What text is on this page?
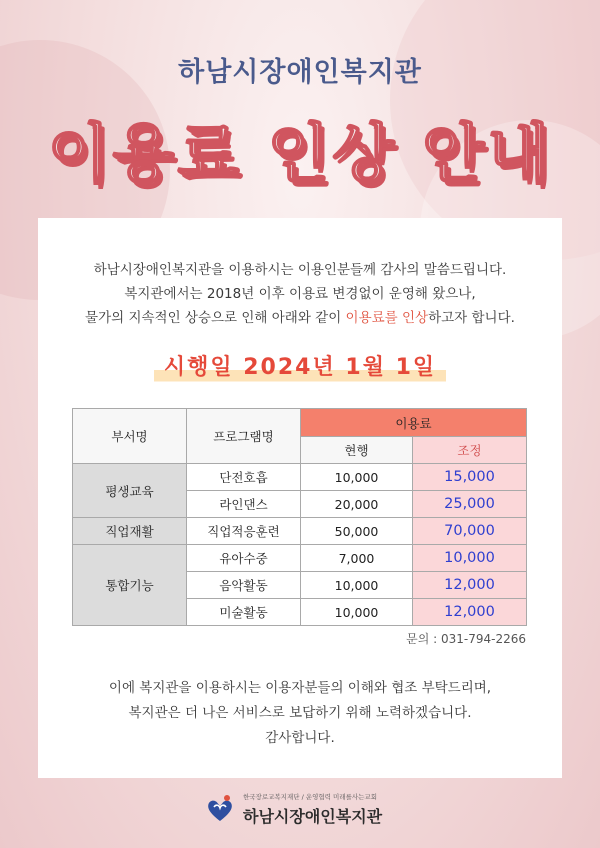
하남시장애인복지관
이용료 인상 안내
하남시장애인복지관을 이용하시는 이용인분들께 감사의 말씀드립니다.
복지관에서는 2018년 이후 이용료 변경없이 운영해 왔으나,
물가의 지속적인 상승으로 인해 아래와 같이 이용료를 인상하고자 합니다.
시행일 2024년 1월 1일
부서명	프로그램명	이용료	
		현행	조정
평생교육	단전호흡	10,000	15,000
	라인댄스	20,000	25,000
직업재활	직업적응훈련	50,000	70,000
통합기능	유아수중	7,000	10,000
	음악활동	10,000	12,000
	미술활동	10,000	12,000
문의 : 031-794-2266
이에 복지관을 이용하시는 이용자분들의 이해와 협조 부탁드리며,
복지관은 더 나은 서비스로 보답하기 위해 노력하겠습니다.
감사합니다.
한국장로교복지재단 / 운영협력 미래를사는교회
하남시장애인복지관
